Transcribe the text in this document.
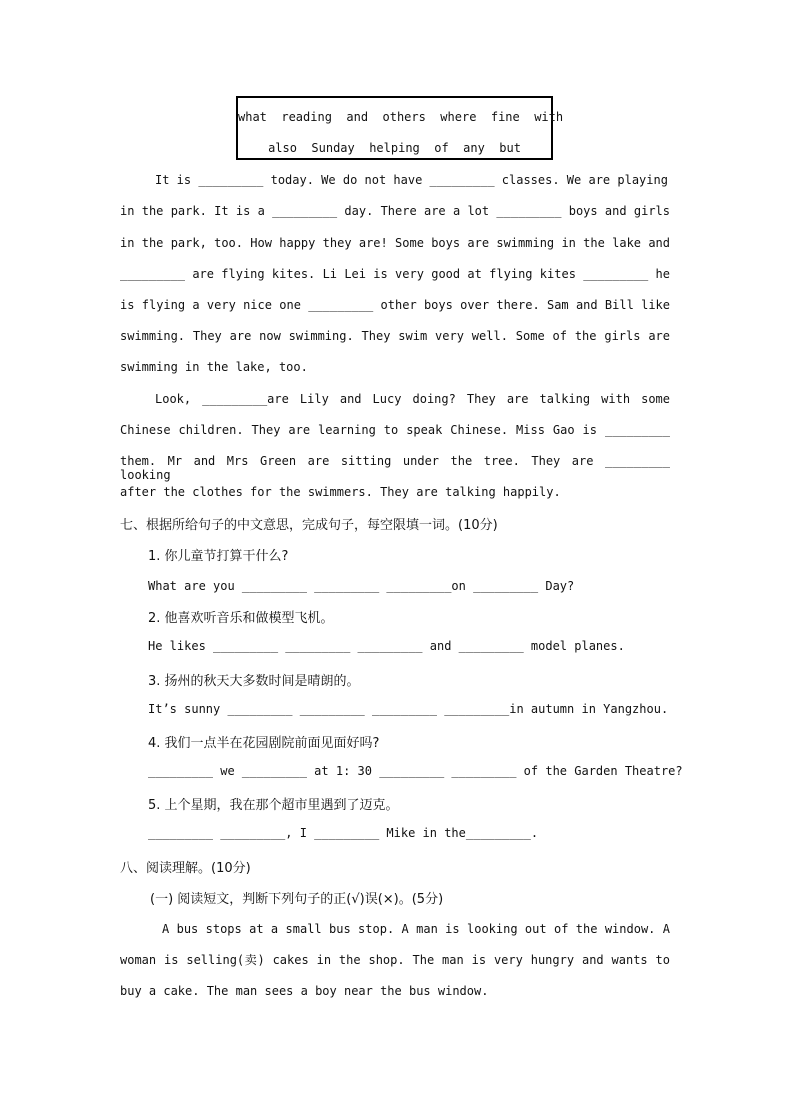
what  reading  and  others  where  fine  with
also  Sunday  helping  of  any  but
It is _________ today. We do not have _________ classes. We are playing
in the park. It is a _________ day. There are a lot _________ boys and girls
in the park, too. How happy they are! Some boys are swimming in the lake and
_________ are flying kites. Li Lei is very good at flying kites _________ he
is flying a very nice one _________ other boys over there. Sam and Bill like
swimming. They are now swimming. They swim very well. Some of the girls are
swimming in the lake, too.
Look, _________are Lily and Lucy doing? They are talking with some
Chinese children. They are learning to speak Chinese. Miss Gao is _________
them. Mr and Mrs Green are sitting under the tree. They are _________ looking
after the clothes for the swimmers. They are talking happily.
七、根据所给句子的中文意思，完成句子，每空限填一词。(10分)
1. 你儿童节打算干什么?
What are you _________ _________ _________on _________ Day?
2. 他喜欢听音乐和做模型飞机。
He likes _________ _________ _________ and _________ model planes.
3. 扬州的秋天大多数时间是晴朗的。
It’s sunny _________ _________ _________ _________in autumn in Yangzhou.
4. 我们一点半在花园剧院前面见面好吗?
_________ we _________ at 1: 30 _________ _________ of the Garden Theatre?
5. 上个星期，我在那个超市里遇到了迈克。
_________ _________, I _________ Mike in the_________.
八、阅读理解。(10分)
(一) 阅读短文，判断下列句子的正(√)误(×)。(5分)
A bus stops at a small bus stop. A man is looking out of the window. A
woman is selling(卖) cakes in the shop. The man is very hungry and wants to
buy a cake. The man sees a boy near the bus window.
